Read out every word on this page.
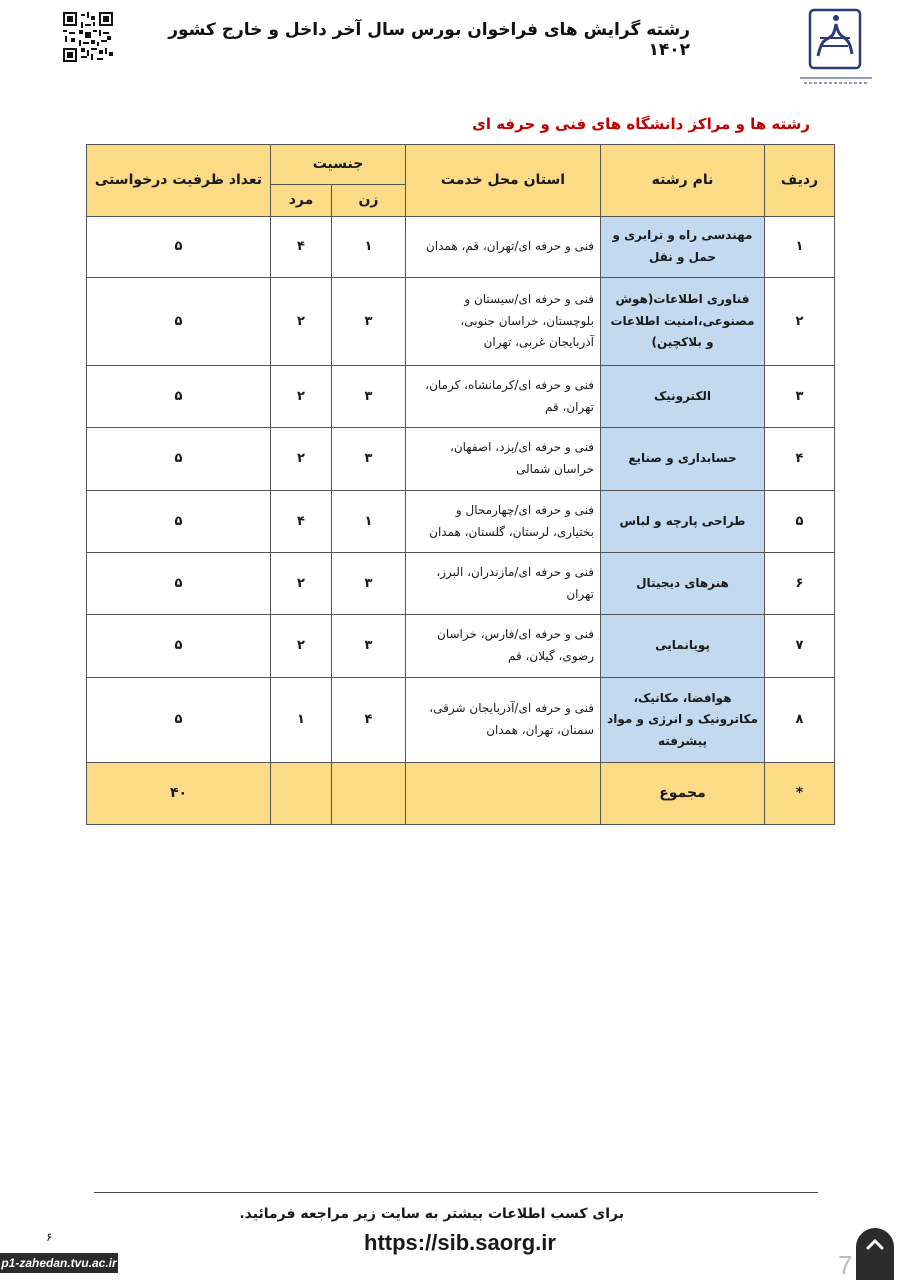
رشته گرایش های فراخوان بورس سال آخر داخل و خارج کشور ۱۴۰۲
رشته ها و مراکز دانشگاه های فنی و حرفه ای
ردیف	نام رشته	استان محل خدمت	جنسیت		تعداد ظرفیت درخواستی
			زن	مرد	
۱	مهندسی راه و ترابری و حمل و نقل	فنی و حرفه ای/تهران، قم، همدان	۱	۴	۵
۲	فناوری اطلاعات(هوش مصنوعی،امنیت اطلاعات و بلاکچین)	فنی و حرفه ای/سیستان و بلوچستان، خراسان جنوبی، آذربایجان غربی، تهران	۳	۲	۵
۳	الکترونیک	فنی و حرفه ای/کرمانشاه، کرمان، تهران، قم	۳	۲	۵
۴	حسابداری و صنایع	فنی و حرفه ای/یزد، اصفهان، خراسان شمالی	۳	۲	۵
۵	طراحی پارچه و لباس	فنی و حرفه ای/چهارمحال و بختیاری، لرستان، گلستان، همدان	۱	۴	۵
۶	هنرهای دیجیتال	فنی و حرفه ای/مازندران، البرز، تهران	۳	۲	۵
۷	پویانمایی	فنی و حرفه ای/فارس، خراسان رضوی، گیلان، قم	۳	۲	۵
۸	هوافضا، مکانیک، مکاترونیک و انرژی و مواد پیشرفته	فنی و حرفه ای/آذربایجان شرقی، سمنان، تهران، همدان	۴	۱	۵
*	مجموع				۴۰
برای کسب اطلاعات بیشتر به سایت زیر مراجعه فرمائید.
https://sib.saorg.ir
۶
p1-zahedan.tvu.ac.ir	7
